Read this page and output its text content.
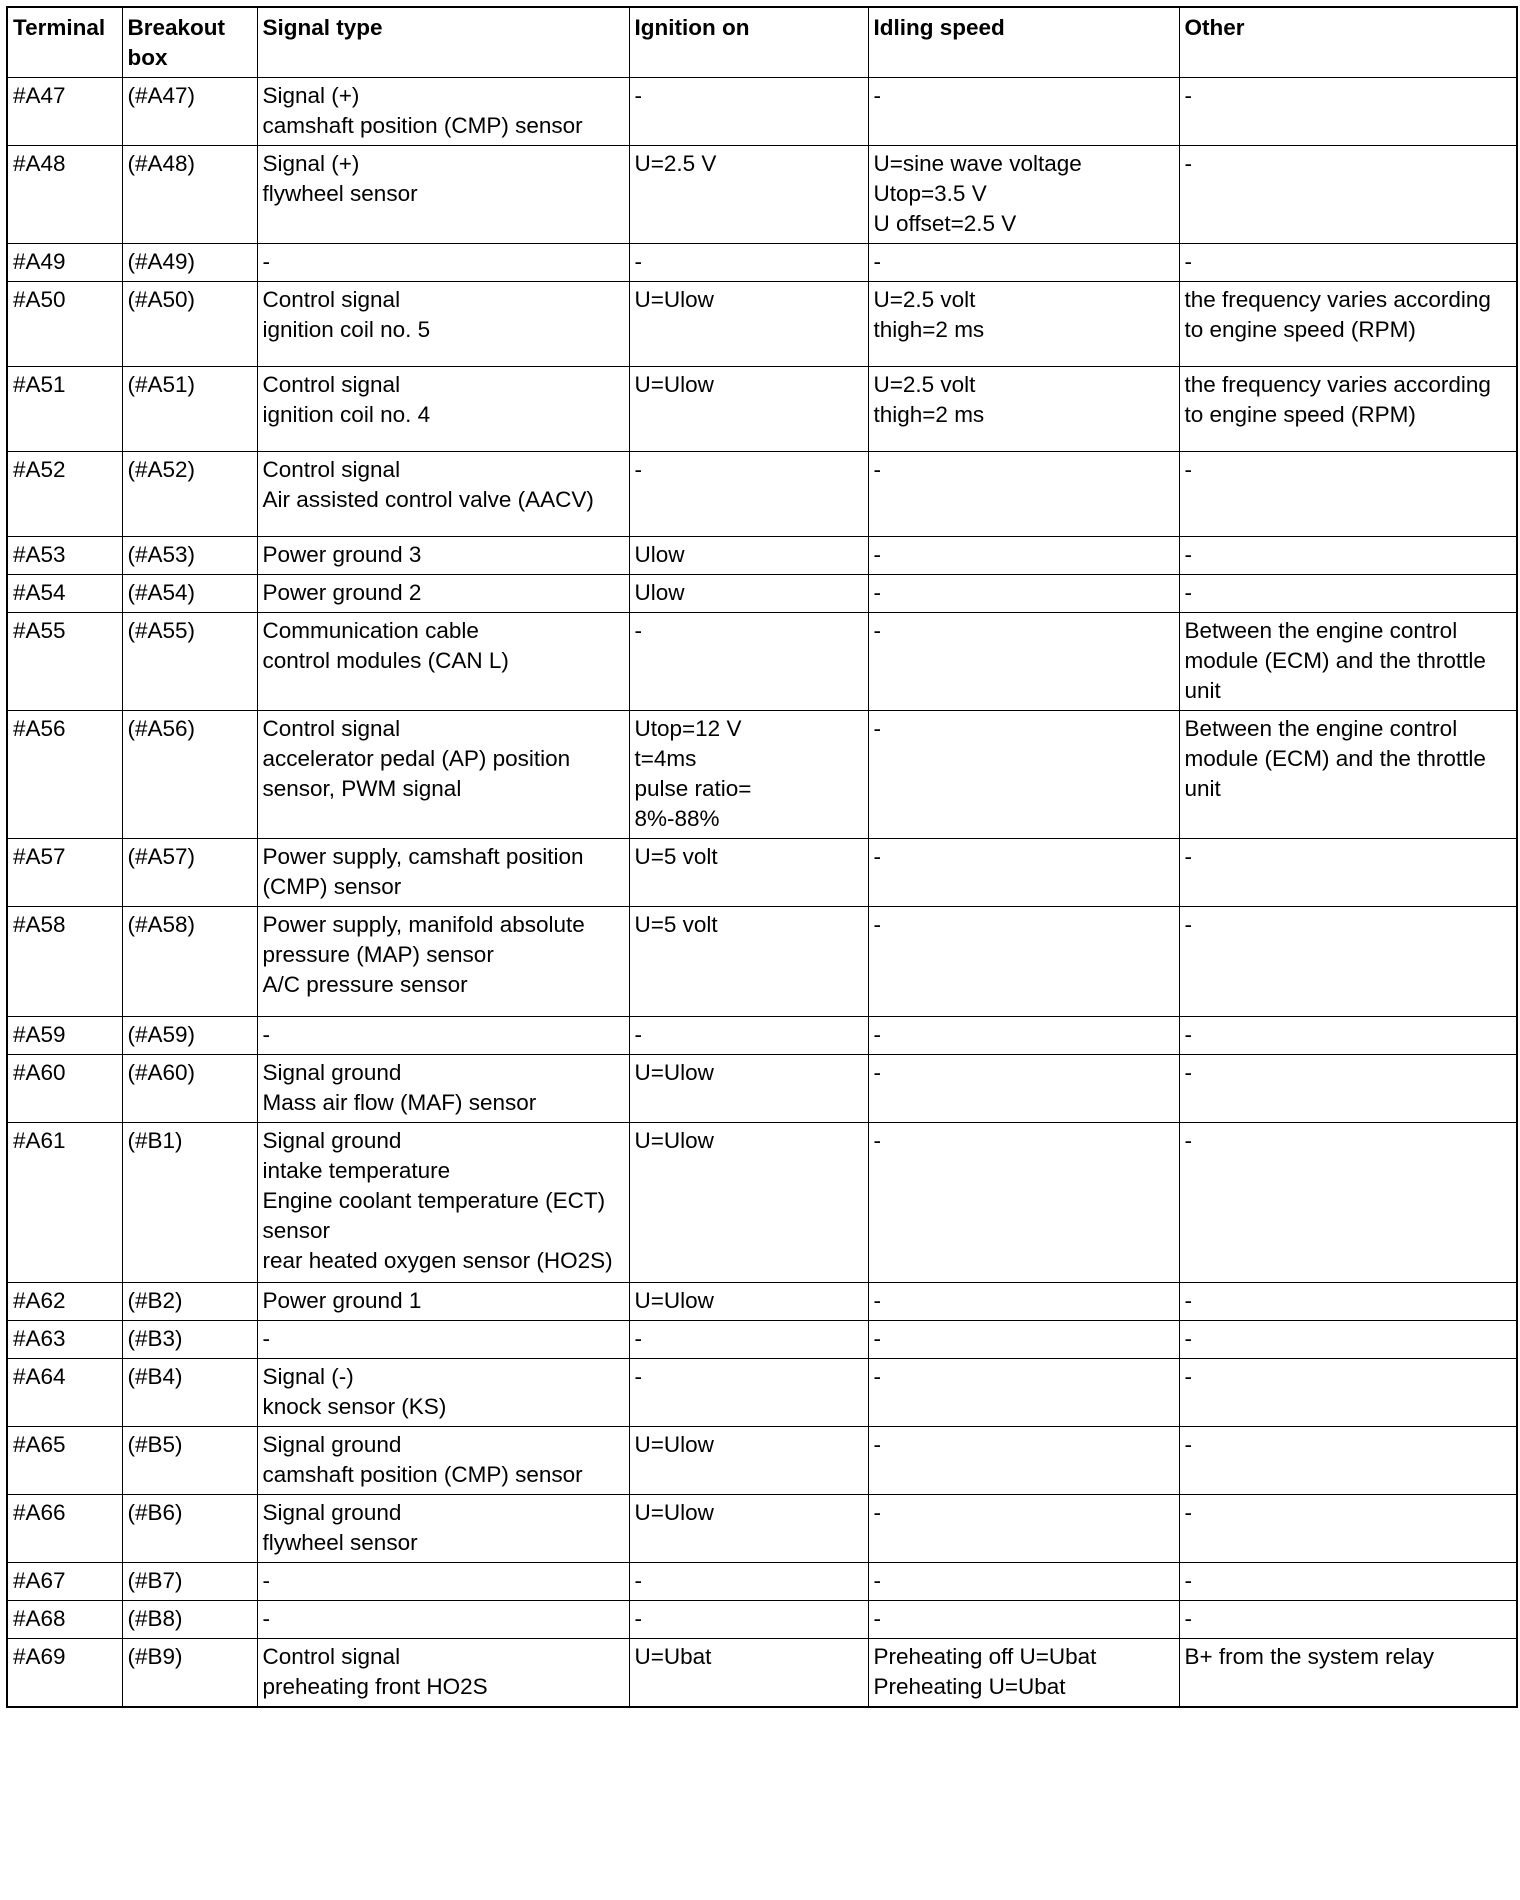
Terminal	Breakout
box	Signal type	Ignition on	Idling speed	Other
#A47	(#A47)	Signal (+)
camshaft position (CMP) sensor	-	-	-
#A48	(#A48)	Signal (+)
flywheel sensor	U=2.5 V	U=sine wave voltage
Utop=3.5 V
U offset=2.5 V	-
#A49	(#A49)	-	-	-	-
#A50	(#A50)	Control signal
ignition coil no. 5	U=Ulow	U=2.5 volt
thigh=2 ms	the frequency varies according to engine speed (RPM)
#A51	(#A51)	Control signal
ignition coil no. 4	U=Ulow	U=2.5 volt
thigh=2 ms	the frequency varies according to engine speed (RPM)
#A52	(#A52)	Control signal
Air assisted control valve (AACV)	-	-	-
#A53	(#A53)	Power ground 3	Ulow	-	-
#A54	(#A54)	Power ground 2	Ulow	-	-
#A55	(#A55)	Communication cable
control modules (CAN L)	-	-	Between the engine control module (ECM) and the throttle unit
#A56	(#A56)	Control signal
accelerator pedal (AP) position sensor, PWM signal	Utop=12 V
t=4ms
pulse ratio=
8%-88%	-	Between the engine control module (ECM) and the throttle unit
#A57	(#A57)	Power supply, camshaft position (CMP) sensor	U=5 volt	-	-
#A58	(#A58)	Power supply, manifold absolute pressure (MAP) sensor
A/C pressure sensor	U=5 volt	-	-
#A59	(#A59)	-	-	-	-
#A60	(#A60)	Signal ground
Mass air flow (MAF) sensor	U=Ulow	-	-
#A61	(#B1)	Signal ground
intake temperature
Engine coolant temperature (ECT) sensor
rear heated oxygen sensor (HO2S)	U=Ulow	-	-
#A62	(#B2)	Power ground 1	U=Ulow	-	-
#A63	(#B3)	-	-	-	-
#A64	(#B4)	Signal (-)
knock sensor (KS)	-	-	-
#A65	(#B5)	Signal ground
camshaft position (CMP) sensor	U=Ulow	-	-
#A66	(#B6)	Signal ground
flywheel sensor	U=Ulow	-	-
#A67	(#B7)	-	-	-	-
#A68	(#B8)	-	-	-	-
#A69	(#B9)	Control signal
preheating front HO2S	U=Ubat	Preheating off U=Ubat
Preheating U=Ubat	B+ from the system relay
